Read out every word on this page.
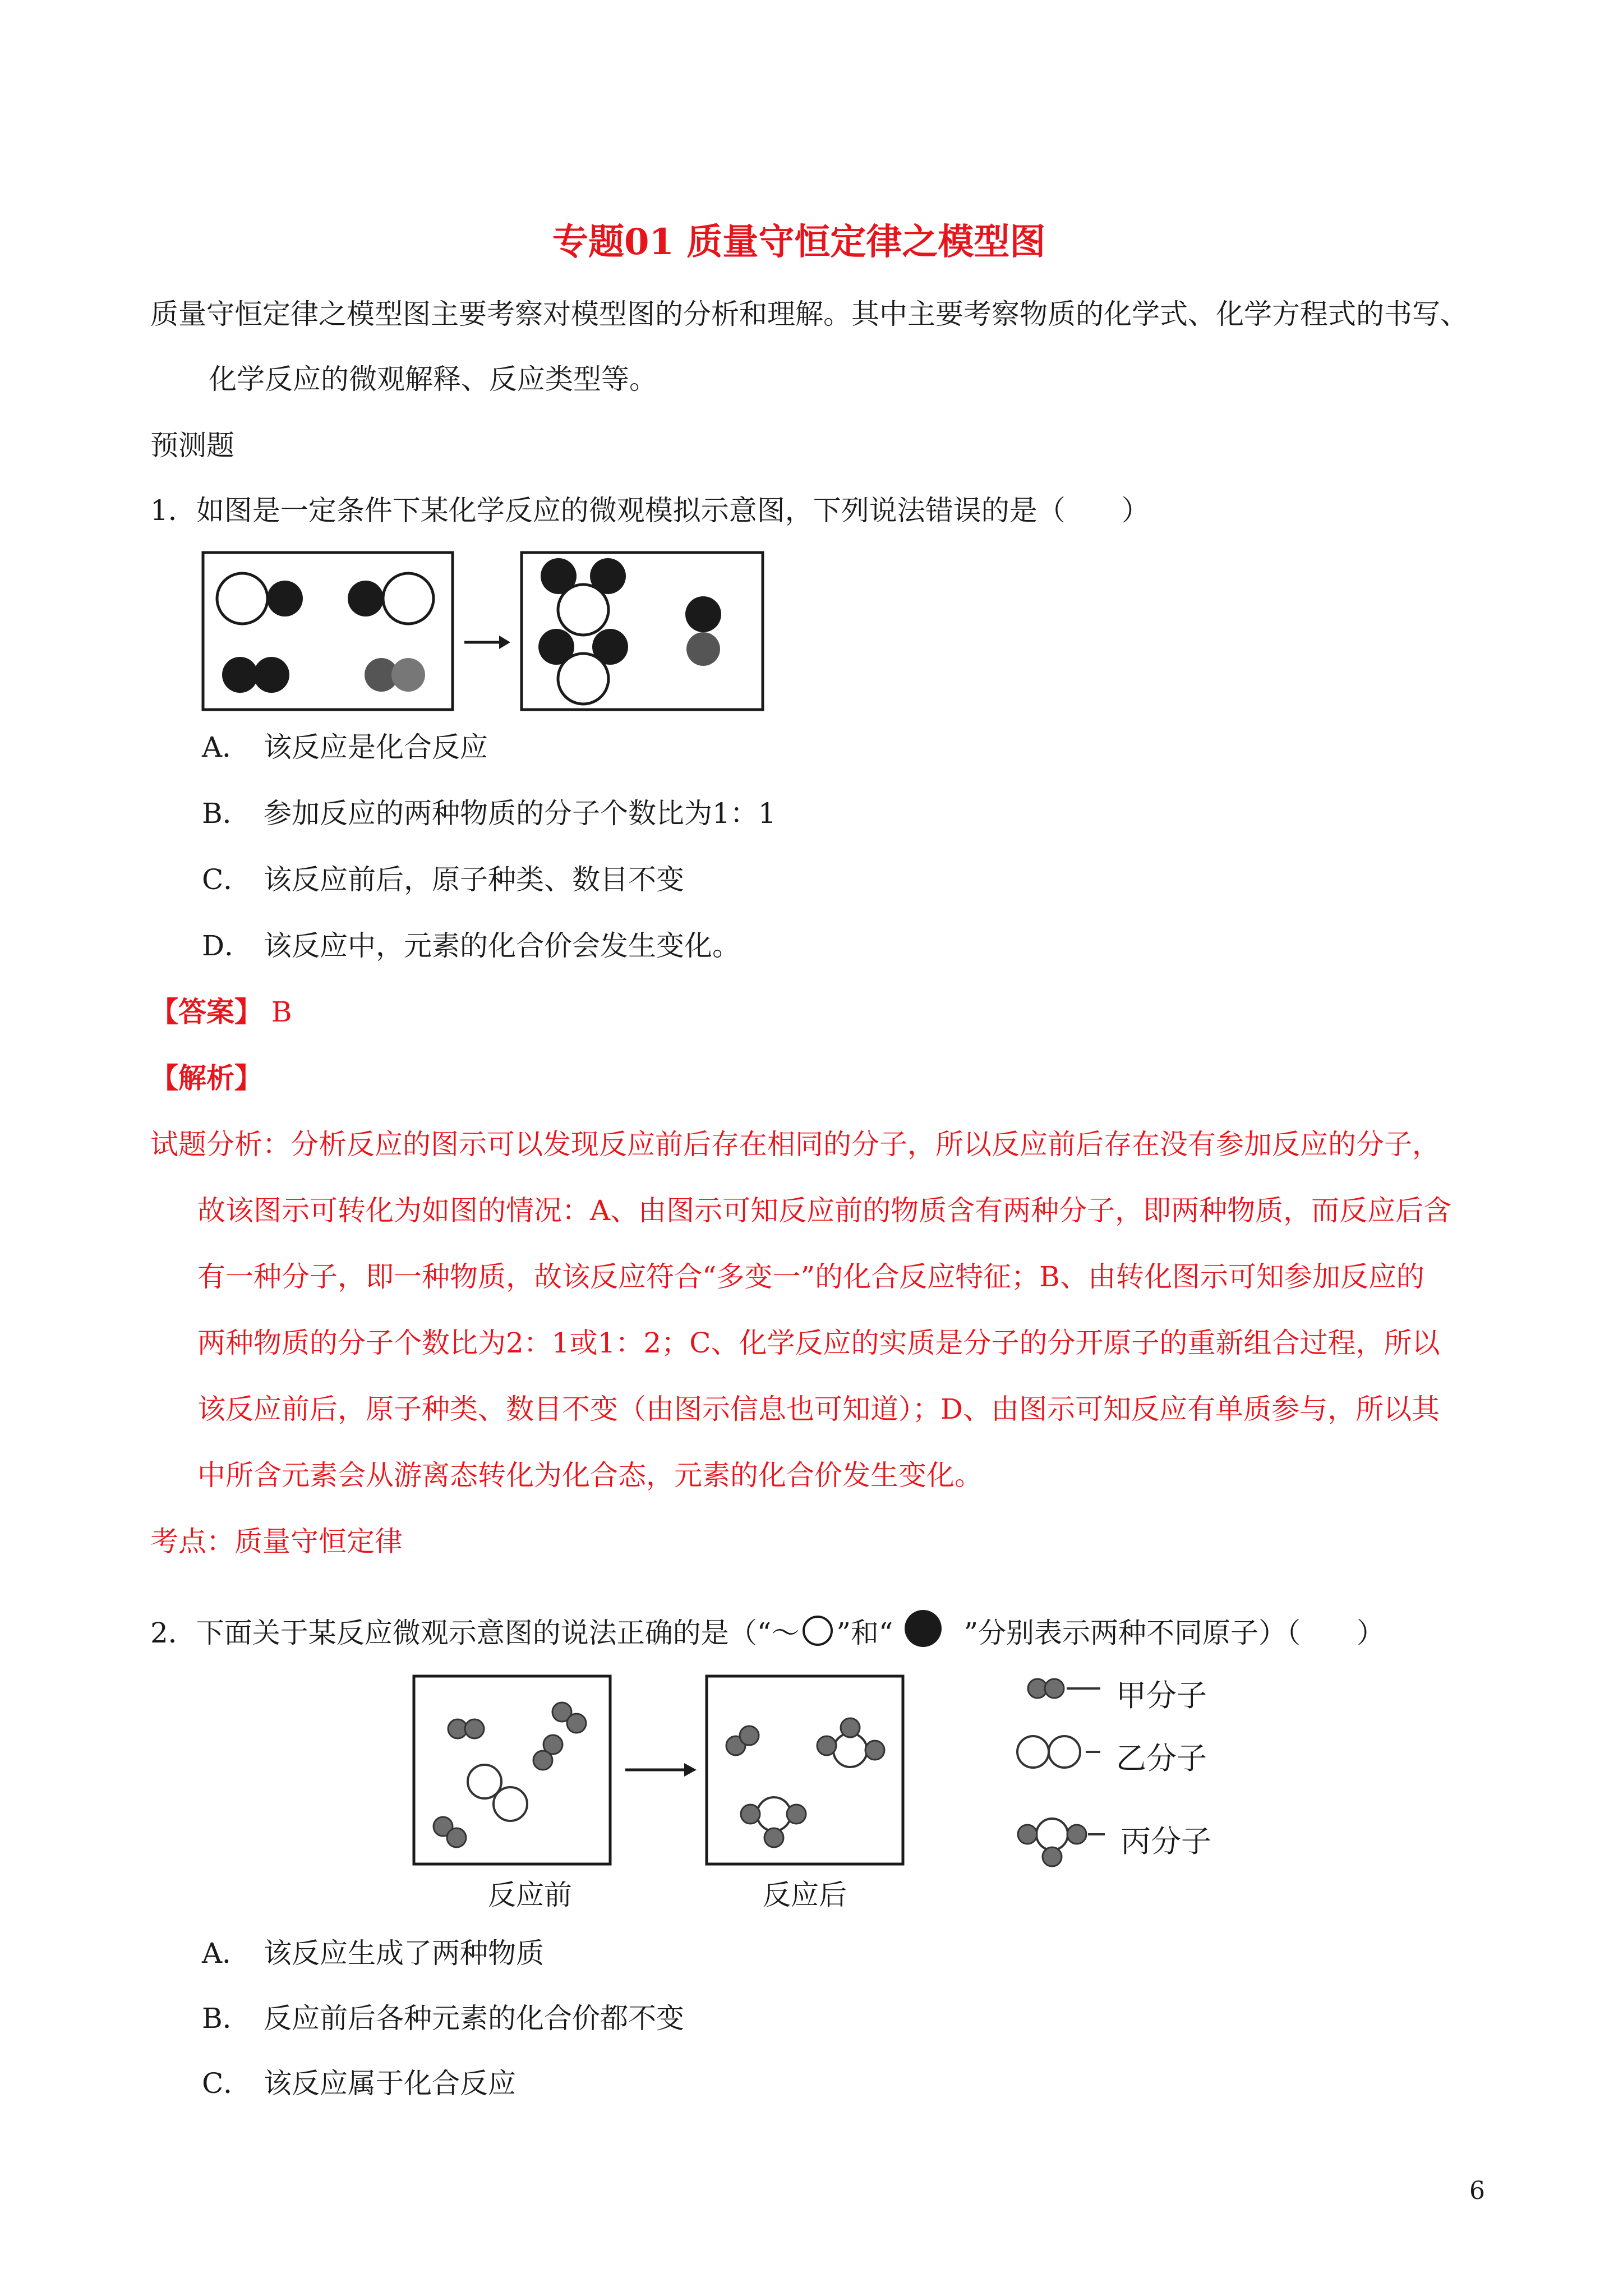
专题01 质量守恒定律之模型图
质量守恒定律之模型图主要考察对模型图的分析和理解。其中主要考察物质的化学式、化学方程式的书写、
化学反应的微观解释、反应类型等。
预测题
1．如图是一定条件下某化学反应的微观模拟示意图，下列说法错误的是（　　）
A． 该反应是化合反应
B． 参加反应的两种物质的分子个数比为1：1
C． 该反应前后，原子种类、数目不变
D． 该反应中，元素的化合价会发生变化。
【答案】 B
【解析】
试题分析：分析反应的图示可以发现反应前后存在相同的分子，所以反应前后存在没有参加反应的分子，
故该图示可转化为如图的情况：A、由图示可知反应前的物质含有两种分子，即两种物质，而反应后含
有一种分子，即一种物质，故该反应符合“多变一”的化合反应特征；B、由转化图示可知参加反应的
两种物质的分子个数比为2：1或1：2；C、化学反应的实质是分子的分开原子的重新组合过程，所以
该反应前后，原子种类、数目不变（由图示信息也可知道）；D、由图示可知反应有单质参与，所以其
中所含元素会从游离态转化为化合态，元素的化合价发生变化。
考点：质量守恒定律
2．下面关于某反应微观示意图的说法正确的是（“～ ”和“	”分别表示两种不同原子）（　　）
反应前	反应后
甲分子
乙分子
丙分子
A． 该反应生成了两种物质
B． 反应前后各种元素的化合价都不变
C． 该反应属于化合反应
6
